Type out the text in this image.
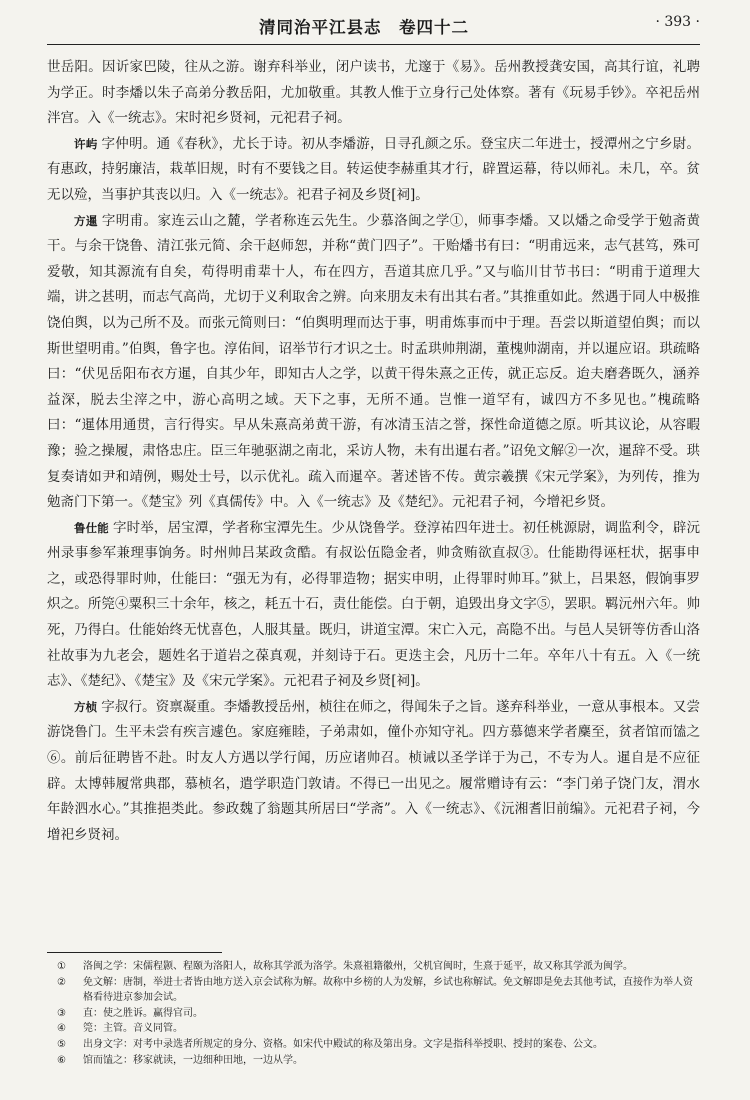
清同治平江县志　卷四十二	· 393 ·

世岳阳。因䜣家巴陵，往从之游。谢弃科举业，闭户读书，尤邃于《易》。岳州教授龚安国，高其行谊，礼聘为学正。时李燔以朱子高弟分教岳阳，尤加敬重。其教人惟于立身行己处体察。著有《玩易手钞》。卒祀岳州泮宫。入《一统志》。宋时祀乡贤祠，元祀君子祠。

许屿 字仲明。通《春秋》，尤长于诗。初从李燔游，日寻孔颜之乐。登宝庆二年进士，授潭州之宁乡尉。有惠政，持躬廉洁，栽革旧规，时有不要钱之目。转运使李赫重其才行，辟置运幕，待以师礼。未几，卒。贫无以殓，当事护其丧以归。入《一统志》。祀君子祠及乡贤[祠]。

方暹 字明甫。家连云山之麓，学者称连云先生。少慕洛闽之学①，师事李燔。又以燔之命受学于勉斋黄干。与余干饶鲁、清江张元简、余干赵师恕，并称“黄门四子”。干贻燔书有曰：“明甫远来，志气甚笃，殊可爱敬，知其源流有自矣，苟得明甫辈十人，布在四方，吾道其庶几乎。”又与临川甘节书曰：“明甫于道理大端，讲之甚明，而志气高尚，尤切于义利取舍之辨。向来朋友未有出其右者。”其推重如此。然遇于同人中极推饶伯舆，以为己所不及。而张元简则曰：“伯舆明理而达于事，明甫炼事而中于理。吾尝以斯道望伯舆；而以斯世望明甫。”伯舆，鲁字也。淳佑间，诏举节行才识之士。时孟珙帅荆湖，董槐帅湖南，并以暹应诏。珙疏略曰：“伏见岳阳布衣方暹，自其少年，即知古人之学，以黄干得朱熹之正传，就正忘反。迨夫磨砻既久，涵养益深，脱去尘滓之中，游心高明之域。天下之事，无所不通。岂惟一道罕有，诚四方不多见也。”槐疏略曰：“暹体用通贯，言行得实。早从朱熹高弟黄干游，有冰清玉洁之誉，探性命道德之原。听其议论，从容暇豫；验之操履，肃恪忠庄。臣三年驰驱湖之南北，采访人物，未有出暹右者。”诏免文解②一次，暹辞不受。珙复奏请如尹和靖例，赐处士号，以示优礼。疏入而暹卒。著述皆不传。黄宗羲撰《宋元学案》，为列传，推为勉斋门下第一。《楚宝》列《真儒传》中。入《一统志》及《楚纪》。元祀君子祠，今增祀乡贤。

鲁仕能 字时举，居宝潭，学者称宝潭先生。少从饶鲁学。登淳祐四年进士。初任桃源尉，调监利令，辟沅州录事参军兼理事饷务。时州帅吕某政贪酷。有叔讼伍隐金者，帅贪贿欲直叔③。仕能勘得诬枉状，据事申之，或恐得罪时帅，仕能曰：“强无为有，必得罪造物；据实申明，止得罪时帅耳。”狱上，吕果怒，假饷事罗炽之。所筦④粟积三十余年，核之，耗五十石，责仕能偿。白于朝，追毁出身文字⑤，罢职。羁沅州六年。帅死，乃得白。仕能始终无忧喜色，人服其量。既归，讲道宝潭。宋亡入元，高隐不出。与邑人吴钘等仿香山洛社故事为九老会，题姓名于道岩之葆真观，并刻诗于石。更迭主会，凡历十二年。卒年八十有五。入《一统志》、《楚纪》、《楚宝》及《宋元学案》。元祀君子祠及乡贤[祠]。

方桢 字叔行。资禀凝重。李燔教授岳州，桢往在师之，得闻朱子之旨。遂弃科举业，一意从事根本。又尝游饶鲁门。生平未尝有疾言遽色。家庭雍睦，子弟肃如，僮仆亦知守礼。四方慕德来学者麇至，贫者馆而馌之⑥。前后征聘皆不赴。时友人方遇以学行闻，历应诸帅召。桢诫以圣学详于为己，不专为人。暹自是不应征辟。太博韩履常典郡，慕桢名，遣学职造门敦请。不得已一出见之。履常赠诗有云：“李门弟子饶门友，渭水年龄泗水心。”其推挹类此。参政魏了翁题其所居曰“学斋”。入《一统志》、《沅湘耆旧前编》。元祀君子祠，今增祀乡贤祠。

①	洛闽之学：宋儒程颢、程颐为洛阳人，故称其学派为洛学。朱熹祖籍徽州，父机官闽时，生熹于延平，故又称其学派为闽学。
②	免文解：唐制，举进士者皆由地方送入京会试称为解。故称中乡榜的人为发解，乡试也称解试。免文解即是免去其他考试，直接作为举人资格看待进京参加会试。
③	直：使之胜诉。赢得官司。
④	筦：主管。音义同管。
⑤	出身文字：对考中录选者所规定的身分、资格。如宋代中殿试的称及第出身。文字是指科举授职、授封的案卷、公文。
⑥	馆而馌之：移家就读，一边细种田地，一边从学。
